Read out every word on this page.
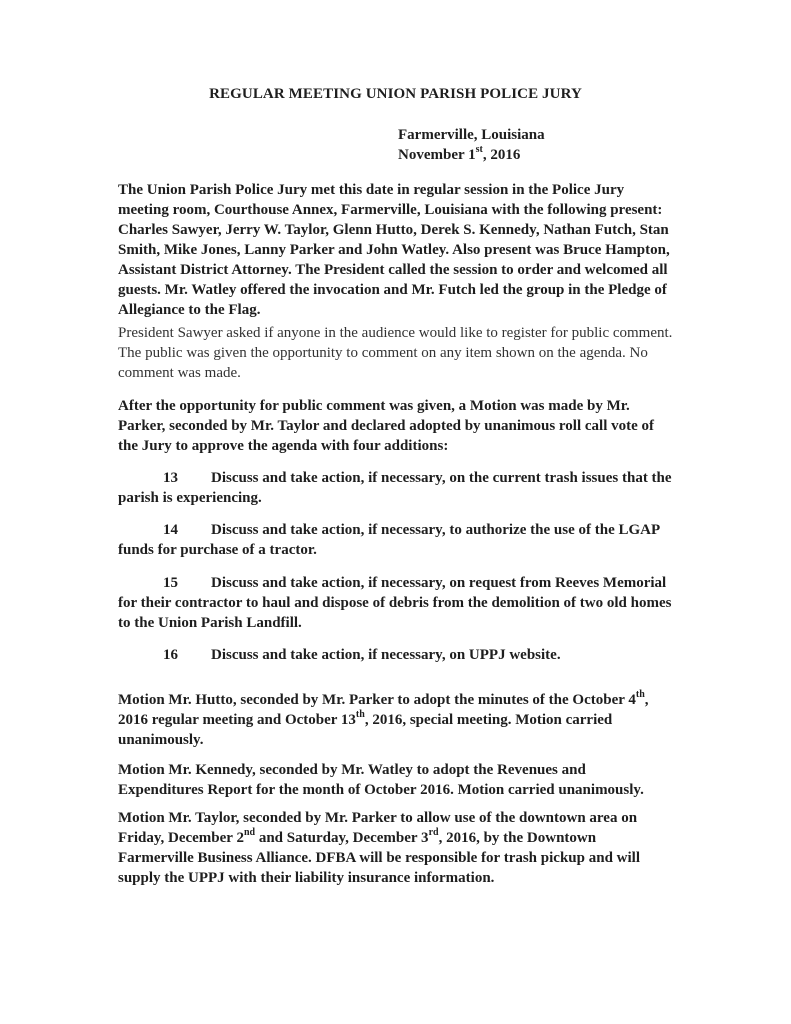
REGULAR MEETING UNION PARISH POLICE JURY
Farmerville, Louisiana
November 1st, 2016

The Union Parish Police Jury met this date in regular session in the Police Jury meeting room, Courthouse Annex, Farmerville, Louisiana with the following present: Charles Sawyer, Jerry W. Taylor, Glenn Hutto, Derek S. Kennedy, Nathan Futch, Stan Smith, Mike Jones, Lanny Parker and John Watley. Also present was Bruce Hampton, Assistant District Attorney. The President called the session to order and welcomed all guests. Mr. Watley offered the invocation and Mr. Futch led the group in the Pledge of Allegiance to the Flag.

President Sawyer asked if anyone in the audience would like to register for public comment. The public was given the opportunity to comment on any item shown on the agenda. No comment was made.

After the opportunity for public comment was given, a Motion was made by Mr. Parker, seconded by Mr. Taylor and declared adopted by unanimous roll call vote of the Jury to approve the agenda with four additions:

13 Discuss and take action, if necessary, on the current trash issues that the parish is experiencing.

14 Discuss and take action, if necessary, to authorize the use of the LGAP funds for purchase of a tractor.

15 Discuss and take action, if necessary, on request from Reeves Memorial for their contractor to haul and dispose of debris from the demolition of two old homes to the Union Parish Landfill.

16 Discuss and take action, if necessary, on UPPJ website.

Motion Mr. Hutto, seconded by Mr. Parker to adopt the minutes of the October 4th, 2016 regular meeting and October 13th, 2016, special meeting. Motion carried unanimously.

Motion Mr. Kennedy, seconded by Mr. Watley to adopt the Revenues and Expenditures Report for the month of October 2016. Motion carried unanimously.

Motion Mr. Taylor, seconded by Mr. Parker to allow use of the downtown area on Friday, December 2nd and Saturday, December 3rd, 2016, by the Downtown Farmerville Business Alliance. DFBA will be responsible for trash pickup and will supply the UPPJ with their liability insurance information.
